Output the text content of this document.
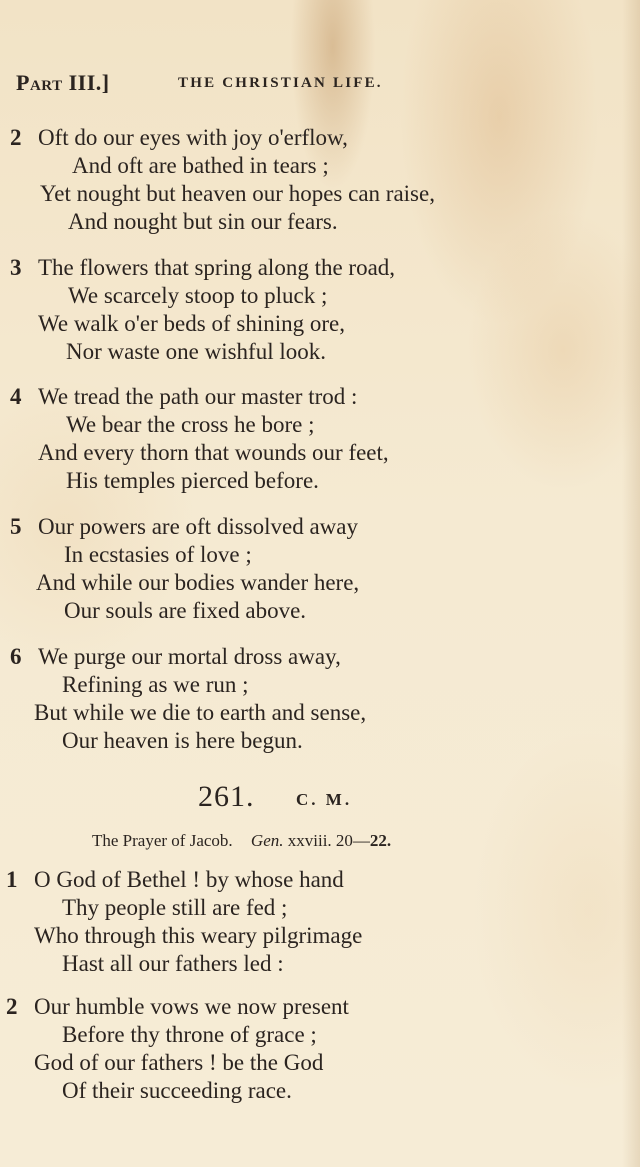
Part III.]	THE CHRISTIAN LIFE.
2 Oft do our eyes with joy o'erflow,
And oft are bathed in tears ;
Yet nought but heaven our hopes can raise,
And nought but sin our fears.
3 The flowers that spring along the road,
We scarcely stoop to pluck ;
We walk o'er beds of shining ore,
Nor waste one wishful look.
4 We tread the path our master trod :
We bear the cross he bore ;
And every thorn that wounds our feet,
His temples pierced before.
5 Our powers are oft dissolved away
In ecstasies of love ;
And while our bodies wander here,
Our souls are fixed above.
6 We purge our mortal dross away,
Refining as we run ;
But while we die to earth and sense,
Our heaven is here begun.
261. C. M.
The Prayer of Jacob. Gen. xxviii. 20—22.
1 O God of Bethel ! by whose hand
Thy people still are fed ;
Who through this weary pilgrimage
Hast all our fathers led :
2 Our humble vows we now present
Before thy throne of grace ;
God of our fathers ! be the God
Of their succeeding race.
